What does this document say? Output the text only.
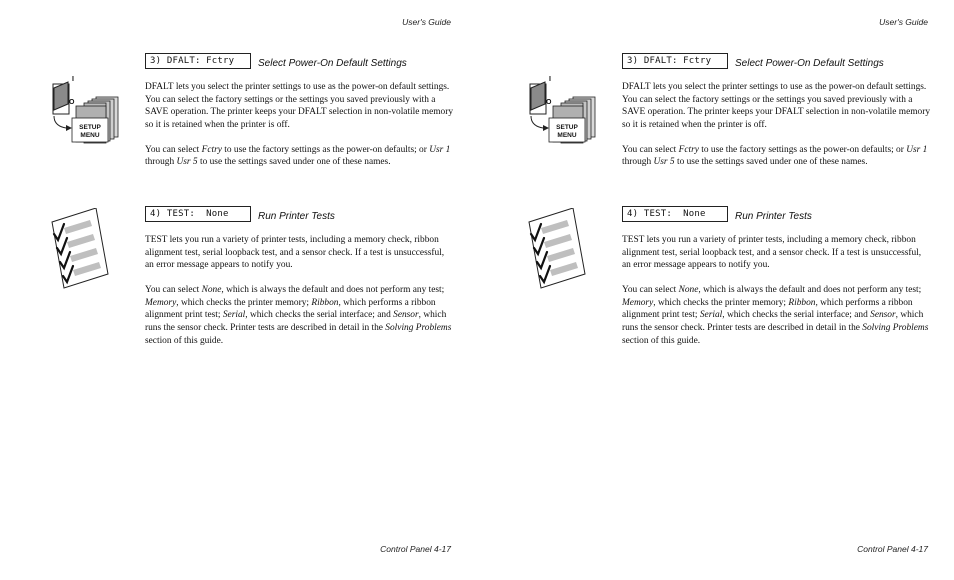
User's Guide
I
O
SETUP
MENU
3) DFALT: Fctry	Select Power-On Default Settings

DFALT lets you select the printer settings to use as the power-on default settings. You can select the factory settings or the settings you saved previously with a SAVE operation. The printer keeps your DFALT selection in non-volatile memory so it is retained when the printer is off.

You can select Fctry to use the factory settings as the power-on defaults; or Usr 1 through Usr 5 to use the settings saved under one of these names.

4) TEST:  None	Run Printer Tests

TEST lets you run a variety of printer tests, including a memory check, ribbon alignment test, serial loopback test, and a sensor check. If a test is unsuccessful, an error message appears to notify you.

You can select None, which is always the default and does not perform any test; Memory, which checks the printer memory; Ribbon, which performs a ribbon alignment print test; Serial, which checks the serial interface; and Sensor, which runs the sensor check. Printer tests are described in detail in the Solving Problems section of this guide.

Control Panel 4-17
User's Guide
I
O
SETUP
MENU
3) DFALT: Fctry	Select Power-On Default Settings

DFALT lets you select the printer settings to use as the power-on default settings. You can select the factory settings or the settings you saved previously with a SAVE operation. The printer keeps your DFALT selection in non-volatile memory so it is retained when the printer is off.

You can select Fctry to use the factory settings as the power-on defaults; or Usr 1 through Usr 5 to use the settings saved under one of these names.

4) TEST:  None	Run Printer Tests

TEST lets you run a variety of printer tests, including a memory check, ribbon alignment test, serial loopback test, and a sensor check. If a test is unsuccessful, an error message appears to notify you.

You can select None, which is always the default and does not perform any test; Memory, which checks the printer memory; Ribbon, which performs a ribbon alignment print test; Serial, which checks the serial interface; and Sensor, which runs the sensor check. Printer tests are described in detail in the Solving Problems section of this guide.

Control Panel 4-17
